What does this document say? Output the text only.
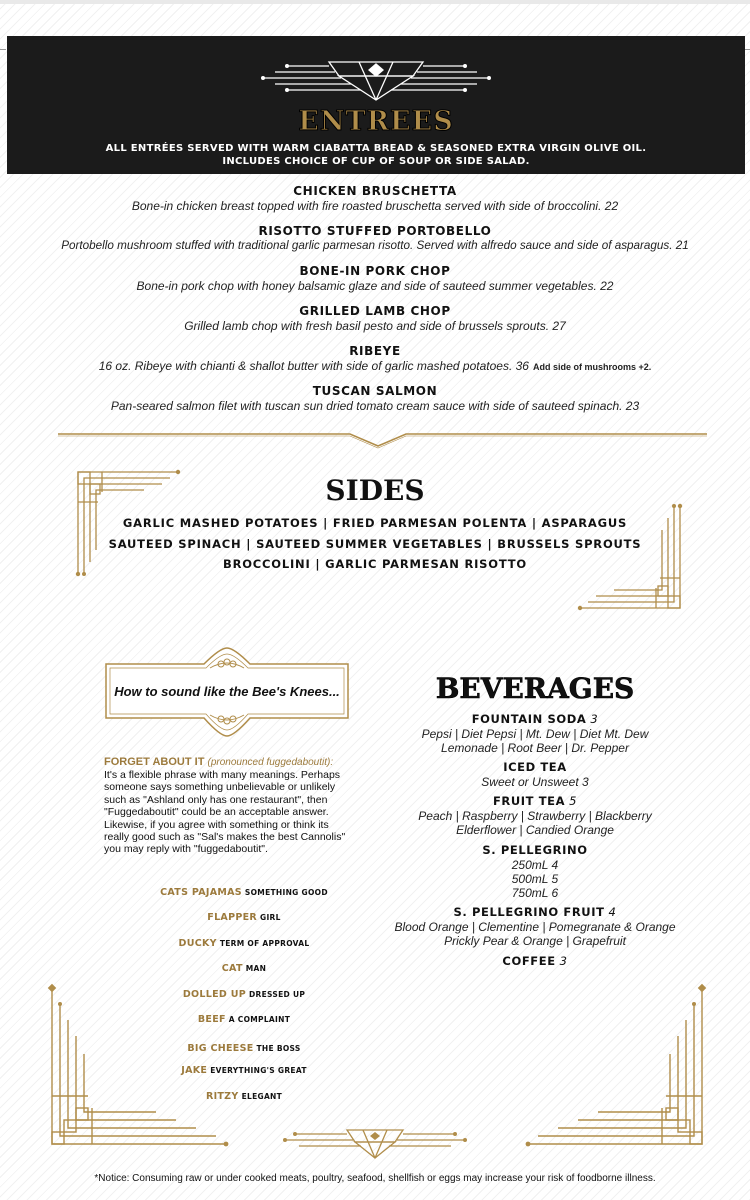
ENTREES
ALL ENTRÉES SERVED WITH WARM CIABATTA BREAD & SEASONED EXTRA VIRGIN OLIVE OIL.
INCLUDES CHOICE OF CUP OF SOUP OR SIDE SALAD.
CHICKEN BRUSCHETTA
Bone-in chicken breast topped with fire roasted bruschetta served with side of broccolini. 22
RISOTTO STUFFED PORTOBELLO
Portobello mushroom stuffed with traditional garlic parmesan risotto. Served with alfredo sauce and side of asparagus. 21
BONE-IN PORK CHOP
Bone-in pork chop with honey balsamic glaze and side of sauteed summer vegetables. 22
GRILLED LAMB CHOP
Grilled lamb chop with fresh basil pesto and side of brussels sprouts. 27
RIBEYE
16 oz. Ribeye with chianti & shallot butter with side of garlic mashed potatoes. 36 Add side of mushrooms +2.
TUSCAN SALMON
Pan-seared salmon filet with tuscan sun dried tomato cream sauce with side of sauteed spinach. 23
SIDES
GARLIC MASHED POTATOES | FRIED PARMESAN POLENTA | ASPARAGUS
SAUTEED SPINACH | SAUTEED SUMMER VEGETABLES | BRUSSELS SPROUTS
BROCCOLINI | GARLIC PARMESAN RISOTTO
How to sound like the Bee's Knees...
FORGET ABOUT IT (pronounced fuggedaboutit):
It's a flexible phrase with many meanings. Perhaps someone says something unbelievable or unlikely such as "Ashland only has one restaurant", then "Fuggedaboutit" could be an acceptable answer. Likewise, if you agree with something or think its really good such as "Sal's makes the best Cannolis" you may reply with "fuggedaboutit".
CATS PAJAMAS SOMETHING GOOD
FLAPPER GIRL
DUCKY TERM OF APPROVAL
CAT MAN
DOLLED UP DRESSED UP
BEEF A COMPLAINT
BIG CHEESE THE BOSS
JAKE EVERYTHING'S GREAT
RITZY ELEGANT
BEVERAGES
FOUNTAIN SODA 3
Pepsi | Diet Pepsi | Mt. Dew | Diet Mt. Dew
Lemonade | Root Beer | Dr. Pepper
ICED TEA
Sweet or Unsweet 3
FRUIT TEA 5
Peach | Raspberry | Strawberry | Blackberry
Elderflower | Candied Orange
S. PELLEGRINO
250mL 4
500mL 5
750mL 6
S. PELLEGRINO FRUIT 4
Blood Orange | Clementine | Pomegranate & Orange
Prickly Pear & Orange | Grapefruit
COFFEE 3
*Notice: Consuming raw or under cooked meats, poultry, seafood, shellfish or eggs may increase your risk of foodborne illness.
